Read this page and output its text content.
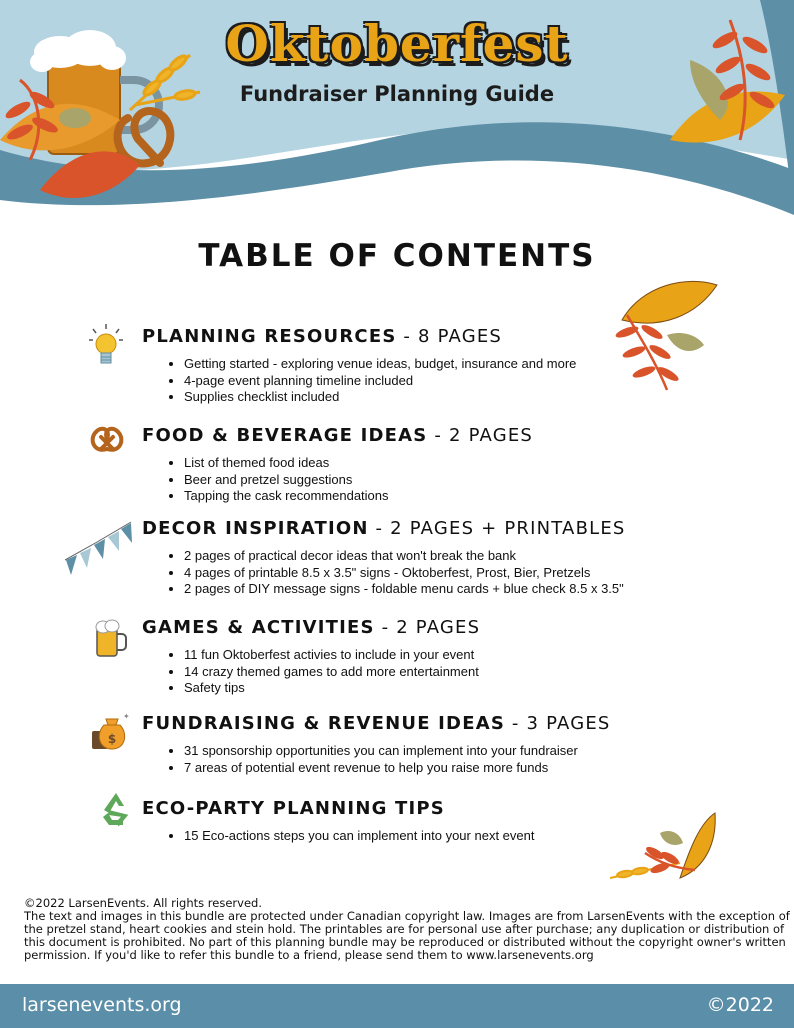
Oktoberfest
Fundraiser Planning Guide
TABLE OF CONTENTS
$
✦
PLANNING RESOURCES - 8 PAGES
• Getting started - exploring venue ideas, budget, insurance and more
• 4-page event planning timeline included
• Supplies checklist included
FOOD & BEVERAGE IDEAS - 2 PAGES
• List of themed food ideas
• Beer and pretzel suggestions
• Tapping the cask recommendations
DECOR INSPIRATION - 2 PAGES + PRINTABLES
• 2 pages of practical decor ideas that won't break the bank
• 4 pages of printable 8.5 x 3.5" signs - Oktoberfest, Prost, Bier, Pretzels
• 2 pages of DIY message signs - foldable menu cards + blue check 8.5 x 3.5"
GAMES & ACTIVITIES - 2 PAGES
• 11 fun Oktoberfest activies to include in your event
• 14 crazy themed games to add more entertainment
• Safety tips
FUNDRAISING & REVENUE IDEAS - 3 PAGES
• 31 sponsorship opportunities you can implement into your fundraiser
• 7 areas of potential event revenue to help you raise more funds
ECO-PARTY PLANNING TIPS
• 15 Eco-actions steps you can implement into your next event

©2022 LarsenEvents. All rights reserved.

The text and images in this bundle are protected under Canadian copyright law. Images are from LarsenEvents with the exception of the pretzel stand, heart cookies and stein hold. The printables are for personal use after purchase; any duplication or distribution of this document is prohibited. No part of this planning bundle may be reproduced or distributed without the copyright owner's written permission. If you'd like to refer this bundle to a friend, please send them to www.larsenevents.org

larsenevents.org	©2022
